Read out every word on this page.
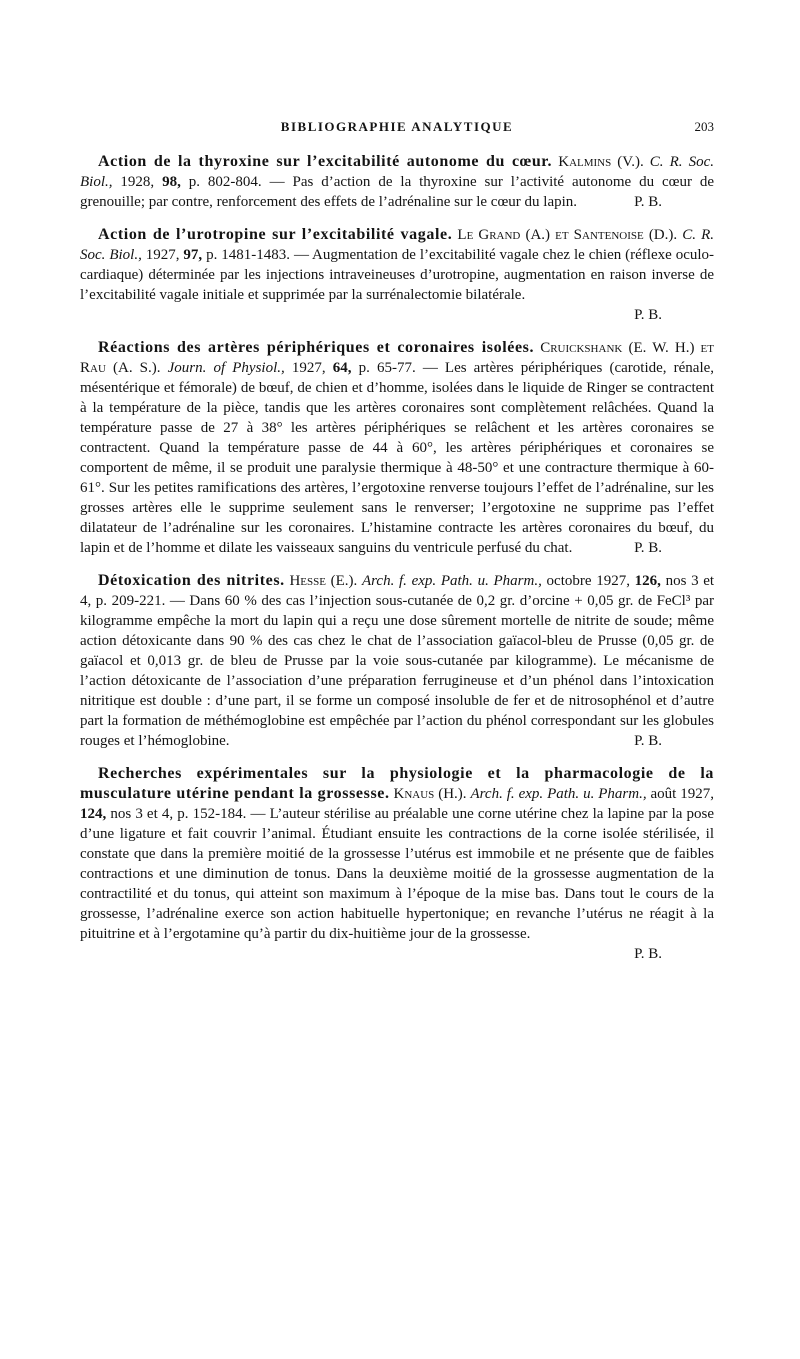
BIBLIOGRAPHIE ANALYTIQUE	203

Action de la thyroxine sur l’excitabilité autonome du cœur. Kalmins (V.). C. R. Soc. Biol., 1928, 98, p. 802-804. — Pas d’action de la thyroxine sur l’activité autonome du cœur de grenouille; par contre, renforcement des effets de l’adrénaline sur le cœur du lapin.	P. B.

Action de l’urotropine sur l’excitabilité vagale. Le Grand (A.) et Santenoise (D.). C. R. Soc. Biol., 1927, 97, p. 1481-1483. — Augmentation de l’excitabilité vagale chez le chien (réflexe oculo-cardiaque) déterminée par les injections intraveineuses d’urotropine, augmentation en raison inverse de l’excitabilité vagale initiale et supprimée par la surrénalectomie bilatérale.

P. B.

Réactions des artères périphériques et coronaires isolées. Cruickshank (E. W. H.) et Rau (A. S.). Journ. of Physiol., 1927, 64, p. 65-77. — Les artères périphériques (carotide, rénale, mésentérique et fémorale) de bœuf, de chien et d’homme, isolées dans le liquide de Ringer se contractent à la température de la pièce, tandis que les artères coronaires sont complètement relâchées. Quand la température passe de 27 à 38° les artères périphériques se relâchent et les artères coronaires se contractent. Quand la température passe de 44 à 60°, les artères périphériques et coronaires se comportent de même, il se produit une paralysie thermique à 48-50° et une contracture thermique à 60-61°. Sur les petites ramifications des artères, l’ergotoxine renverse toujours l’effet de l’adrénaline, sur les grosses artères elle le supprime seulement sans le renverser; l’ergotoxine ne supprime pas l’effet dilatateur de l’adrénaline sur les coronaires. L’histamine contracte les artères coronaires du bœuf, du lapin et de l’homme et dilate les vaisseaux sanguins du ventricule perfusé du chat.	P. B.

Détoxication des nitrites. Hesse (E.). Arch. f. exp. Path. u. Pharm., octobre 1927, 126, nos 3 et 4, p. 209-221. — Dans 60 % des cas l’injection sous-cutanée de 0,2 gr. d’orcine + 0,05 gr. de FeCl³ par kilogramme empêche la mort du lapin qui a reçu une dose sûrement mortelle de nitrite de soude; même action détoxicante dans 90 % des cas chez le chat de l’association gaïacol-bleu de Prusse (0,05 gr. de gaïacol et 0,013 gr. de bleu de Prusse par la voie sous-cutanée par kilogramme). Le mécanisme de l’action détoxicante de l’association d’une préparation ferrugineuse et d’un phénol dans l’intoxication nitritique est double : d’une part, il se forme un composé insoluble de fer et de nitrosophénol et d’autre part la formation de méthémoglobine est empêchée par l’action du phénol correspondant sur les globules rouges et l’hémoglobine.	P. B.

Recherches expérimentales sur la physiologie et la pharmacologie de la musculature utérine pendant la grossesse. Knaus (H.). Arch. f. exp. Path. u. Pharm., août 1927, 124, nos 3 et 4, p. 152-184. — L’auteur stérilise au préalable une corne utérine chez la lapine par la pose d’une ligature et fait couvrir l’animal. Étudiant ensuite les contractions de la corne isolée stérilisée, il constate que dans la première moitié de la grossesse l’utérus est immobile et ne présente que de faibles contractions et une diminution de tonus. Dans la deuxième moitié de la grossesse augmentation de la contractilité et du tonus, qui atteint son maximum à l’époque de la mise bas. Dans tout le cours de la grossesse, l’adrénaline exerce son action habituelle hypertonique; en revanche l’utérus ne réagit à la pituitrine et à l’ergotamine qu’à partir du dix-huitième jour de la grossesse.

P. B.
